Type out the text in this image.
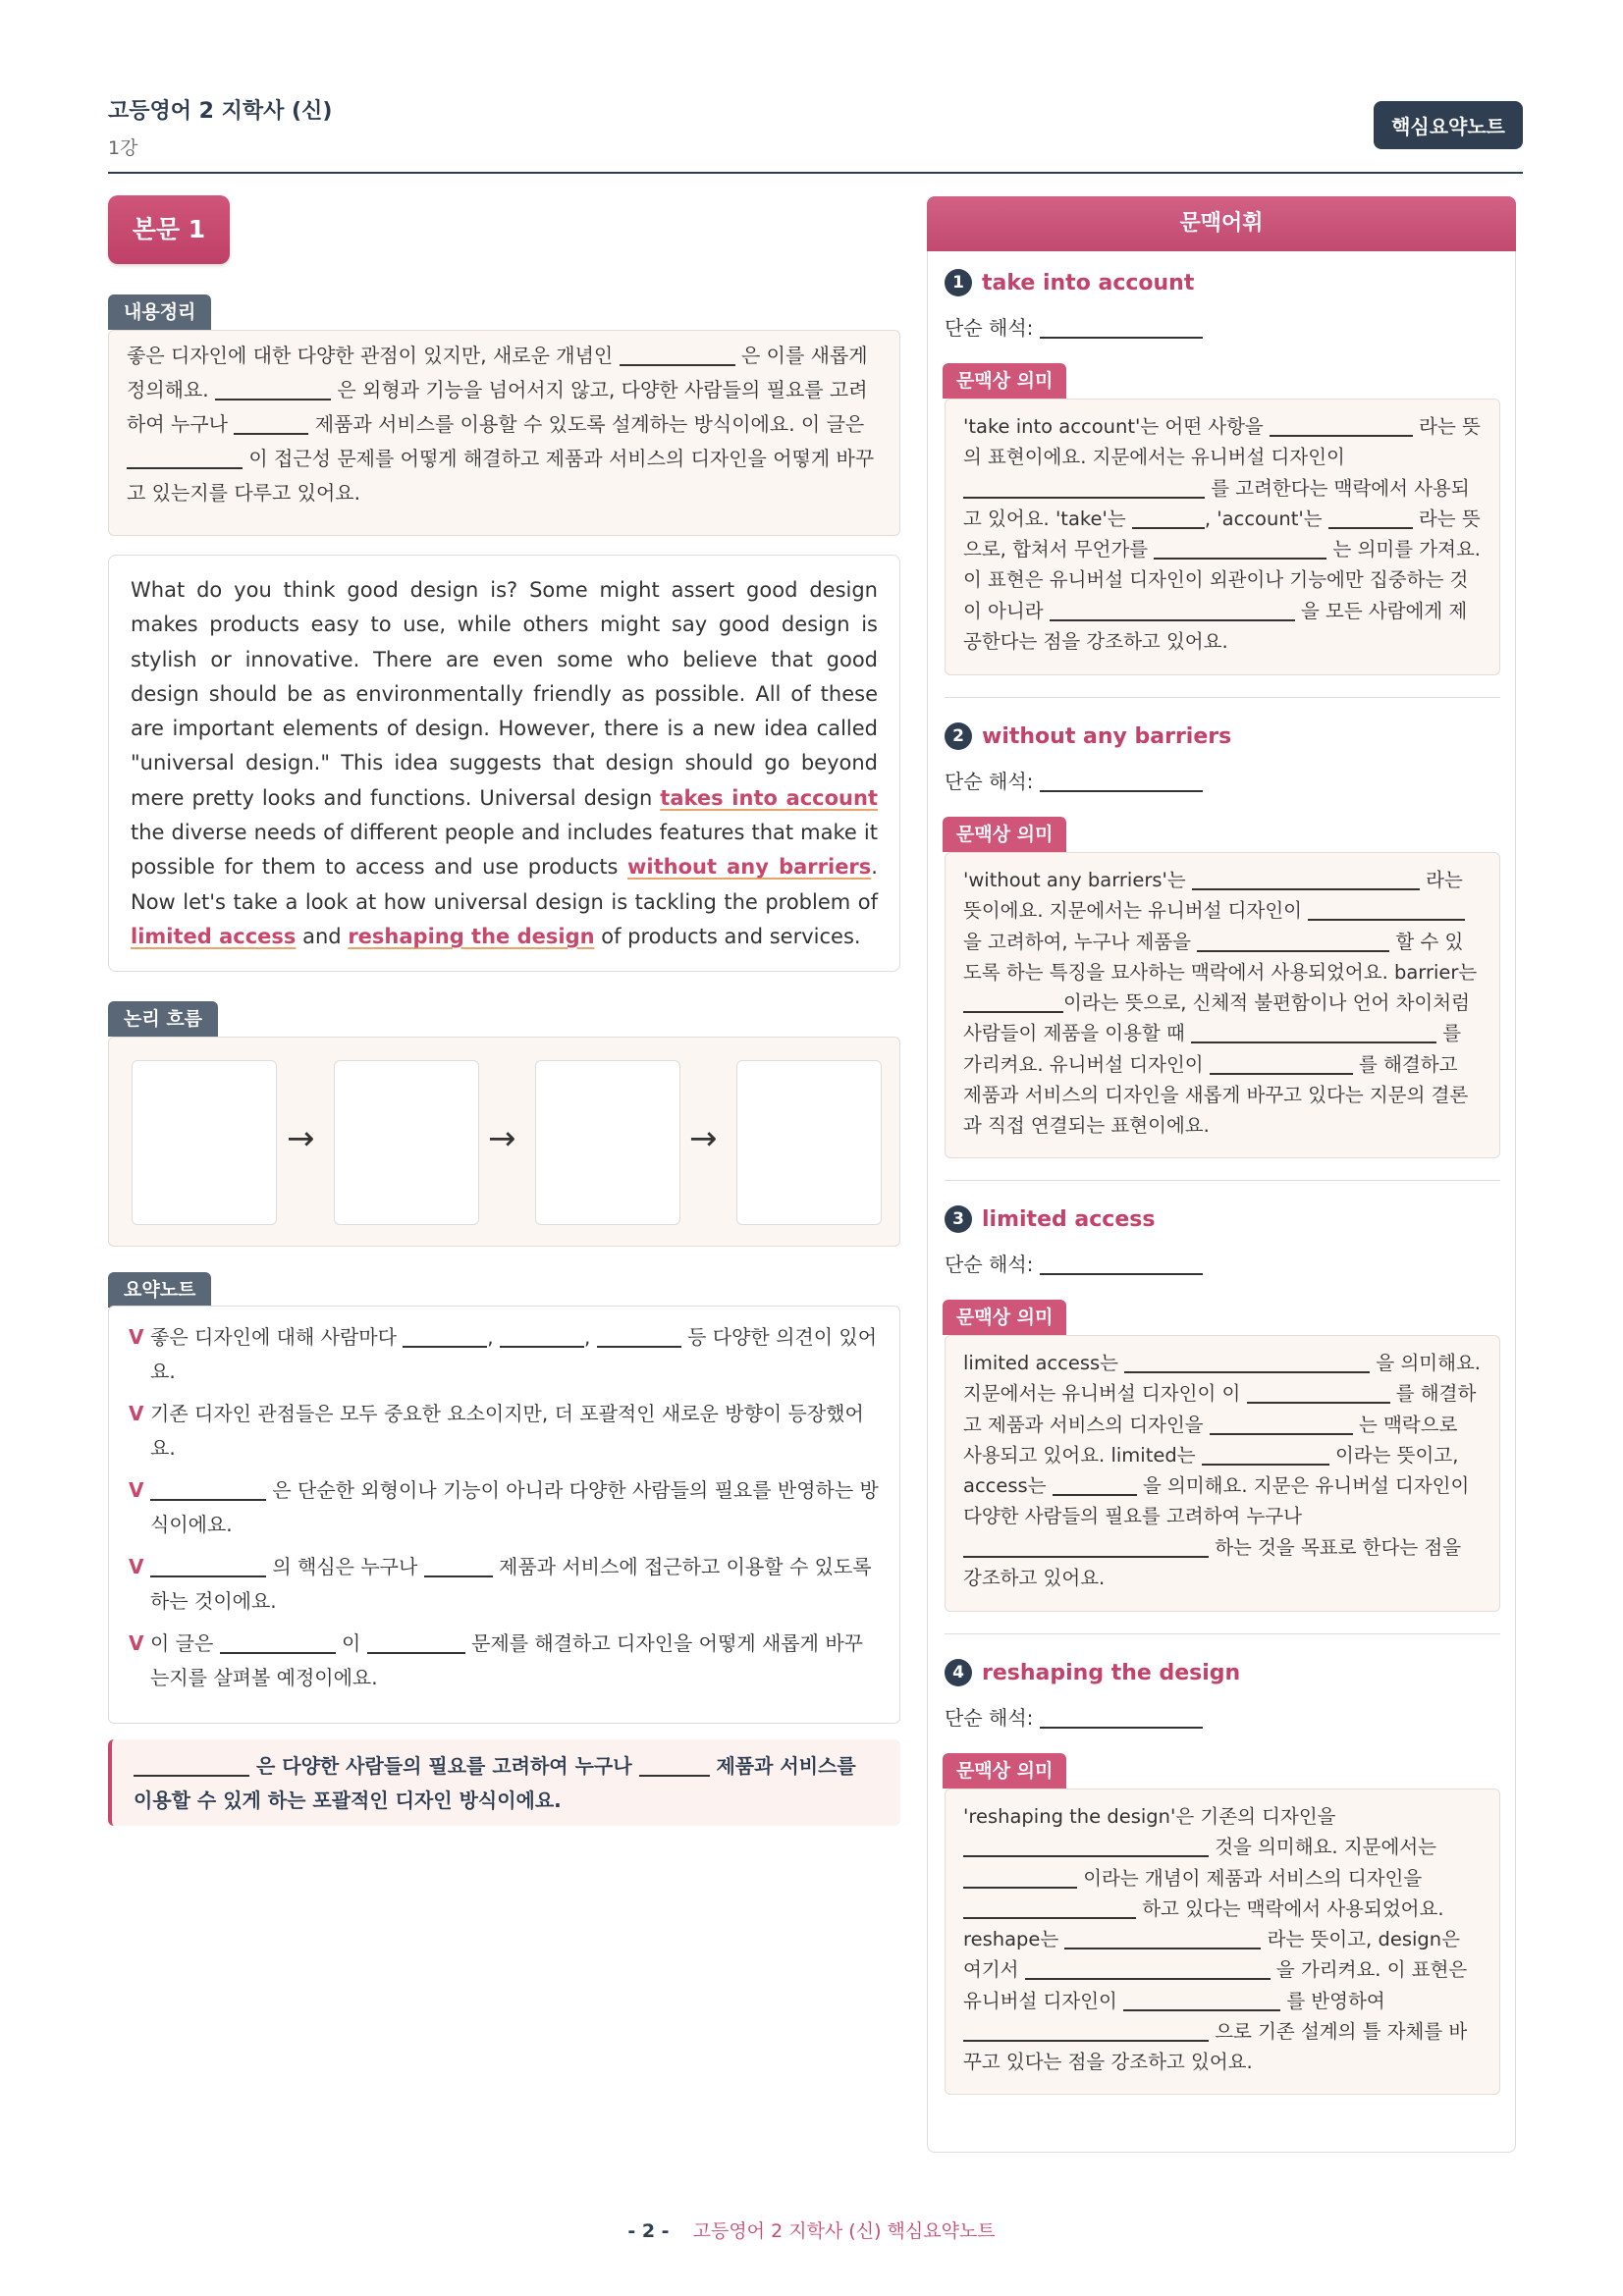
고등영어 2 지학사 (신)
1강
핵심요약노트
본문 1
내용정리
좋은 디자인에 대한 다양한 관점이 있지만, 새로운 개념인	은 이를 새롭게 정의해요.	은 외형과 기능을 넘어서지 않고, 다양한 사람들의 필요를 고려하여 누구나	제품과 서비스를 이용할 수 있도록 설계하는 방식이에요. 이 글은  이 접근성 문제를 어떻게 해결하고 제품과 서비스의 디자인을 어떻게 바꾸고 있는지를 다루고 있어요.
What do you think good design is? Some might assert good design makes products easy to use, while others might say good design is stylish or innovative. There are even some who believe that good design should be as environmentally friendly as possible. All of these are important elements of design. However, there is a new idea called "universal design." This idea suggests that design should go beyond mere pretty looks and functions. Universal design takes into account the diverse needs of different people and includes features that make it possible for them to access and use products without any barriers. Now let's take a look at how universal design is tackling the problem of limited access and reshaping the design of products and services.
논리 흐름
→	→	→
요약노트
V 좋은 디자인에 대해 사람마다	,	,	등 다양한 의견이 있어요.
V 기존 디자인 관점들은 모두 중요한 요소이지만, 더 포괄적인 새로운 방향이 등장했어요.
V	은 단순한 외형이나 기능이 아니라 다양한 사람들의 필요를 반영하는 방식이에요.
V	의 핵심은 누구나	제품과 서비스에 접근하고 이용할 수 있도록 하는 것이에요.
V 이 글은	이	문제를 해결하고 디자인을 어떻게 새롭게 바꾸는지를 살펴볼 예정이에요.
은 다양한 사람들의 필요를 고려하여 누구나	제품과 서비스를 이용할 수 있게 하는 포괄적인 디자인 방식이에요.
문맥어휘
1 take into account
단순 해석:
문맥상 의미
'take into account'는 어떤 사항을	라는 뜻의 표현이에요. 지문에서는 유니버설 디자인이  를 고려한다는 맥락에서 사용되고 있어요. 'take'는	, 'account'는	라는 뜻으로, 합쳐서 무언가를	는 의미를 가져요. 이 표현은 유니버설 디자인이 외관이나 기능에만 집중하는 것이 아니라	을 모든 사람에게 제공한다는 점을 강조하고 있어요.
2 without any barriers
단순 해석:
문맥상 의미
'without any barriers'는	라는 뜻이에요. 지문에서는 유니버설 디자인이  을 고려하여, 누구나 제품을	할 수 있도록 하는 특징을 묘사하는 맥락에서 사용되었어요. barrier는 이라는 뜻으로, 신체적 불편함이나 언어 차이처럼 사람들이 제품을 이용할 때	를 가리켜요. 유니버설 디자인이	를 해결하고 제품과 서비스의 디자인을 새롭게 바꾸고 있다는 지문의 결론과 직접 연결되는 표현이에요.
3 limited access
단순 해석:
문맥상 의미
limited access는	을 의미해요. 지문에서는 유니버설 디자인이 이	를 해결하고 제품과 서비스의 디자인을	는 맥락으로 사용되고 있어요. limited는	이라는 뜻이고, access는	을 의미해요. 지문은 유니버설 디자인이 다양한 사람들의 필요를 고려하여 누구나  하는 것을 목표로 한다는 점을 강조하고 있어요.
4 reshaping the design
단순 해석:
문맥상 의미
'reshaping the design'은 기존의 디자인을  것을 의미해요. 지문에서는  이라는 개념이 제품과 서비스의 디자인을  하고 있다는 맥락에서 사용되었어요. reshape는	라는 뜻이고, design은 여기서	을 가리켜요. 이 표현은 유니버설 디자인이	를 반영하여  으로 기존 설계의 틀 자체를 바꾸고 있다는 점을 강조하고 있어요.
- 2 - 고등영어 2 지학사 (신) 핵심요약노트
